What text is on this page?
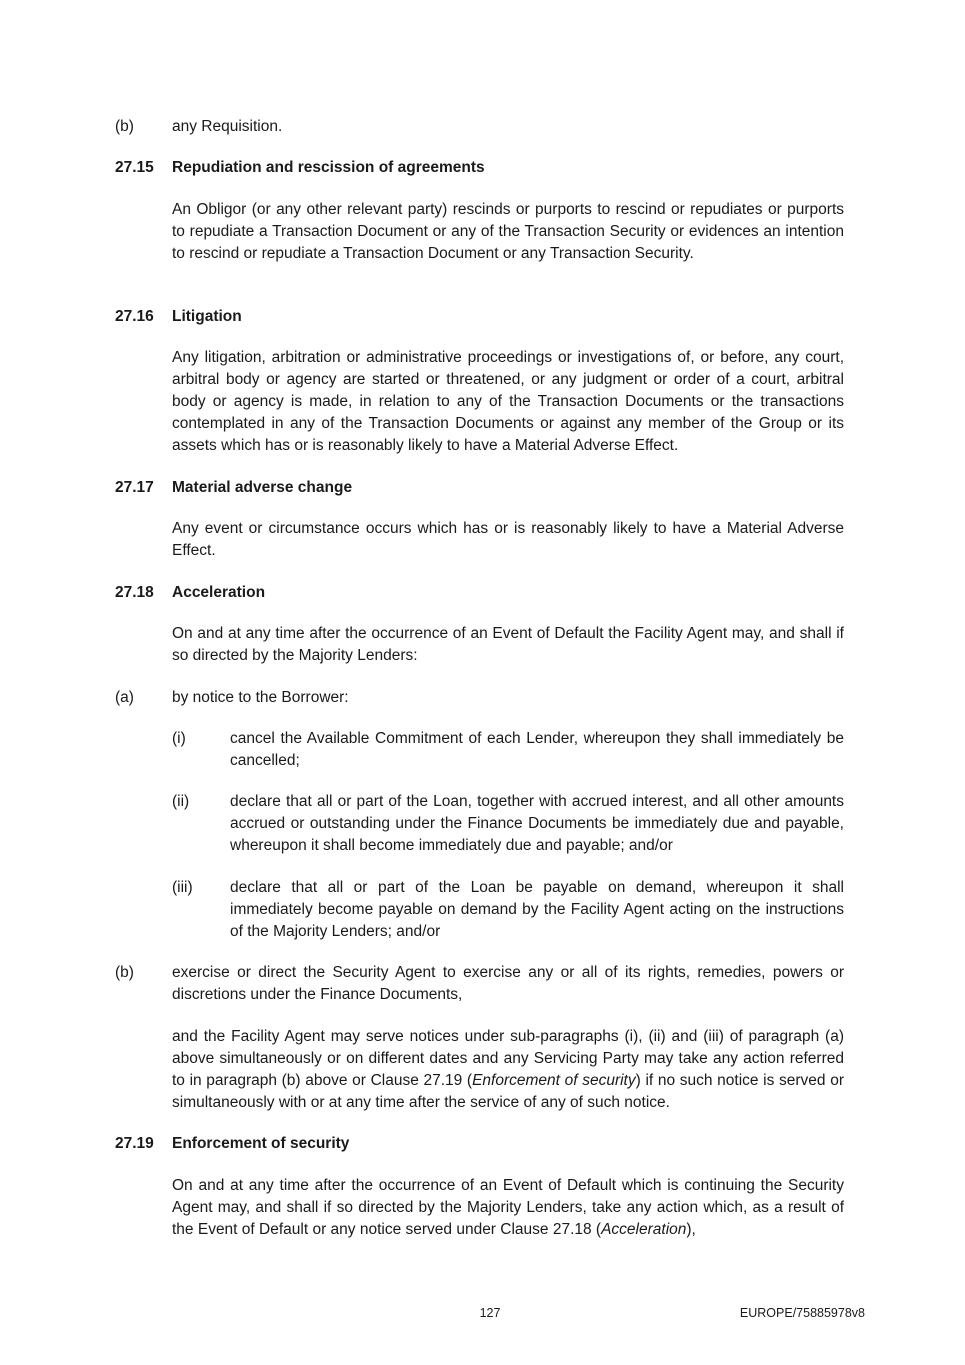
(b) any Requisition.
27.15 Repudiation and rescission of agreements
An Obligor (or any other relevant party) rescinds or purports to rescind or repudiates or purports to repudiate a Transaction Document or any of the Transaction Security or evidences an intention to rescind or repudiate a Transaction Document or any Transaction Security.
27.16 Litigation
Any litigation, arbitration or administrative proceedings or investigations of, or before, any court, arbitral body or agency are started or threatened, or any judgment or order of a court, arbitral body or agency is made, in relation to any of the Transaction Documents or the transactions contemplated in any of the Transaction Documents or against any member of the Group or its assets which has or is reasonably likely to have a Material Adverse Effect.
27.17 Material adverse change
Any event or circumstance occurs which has or is reasonably likely to have a Material Adverse Effect.
27.18 Acceleration
On and at any time after the occurrence of an Event of Default the Facility Agent may, and shall if so directed by the Majority Lenders:
(a) by notice to the Borrower:
(i)	cancel the Available Commitment of each Lender, whereupon they shall immediately be cancelled;
(ii)	declare that all or part of the Loan, together with accrued interest, and all other amounts accrued or outstanding under the Finance Documents be immediately due and payable, whereupon it shall become immediately due and payable; and/or
(iii) declare that all or part of the Loan be payable on demand, whereupon it shall immediately become payable on demand by the Facility Agent acting on the instructions of the Majority Lenders; and/or
(b) exercise or direct the Security Agent to exercise any or all of its rights, remedies, powers or discretions under the Finance Documents,
and the Facility Agent may serve notices under sub-paragraphs (i), (ii) and (iii) of paragraph (a) above simultaneously or on different dates and any Servicing Party may take any action referred to in paragraph (b) above or Clause 27.19 (Enforcement of security) if no such notice is served or simultaneously with or at any time after the service of any of such notice.
27.19 Enforcement of security
On and at any time after the occurrence of an Event of Default which is continuing the Security Agent may, and shall if so directed by the Majority Lenders, take any action which, as a result of the Event of Default or any notice served under Clause 27.18 (Acceleration),
127	EUROPE/75885978v8
